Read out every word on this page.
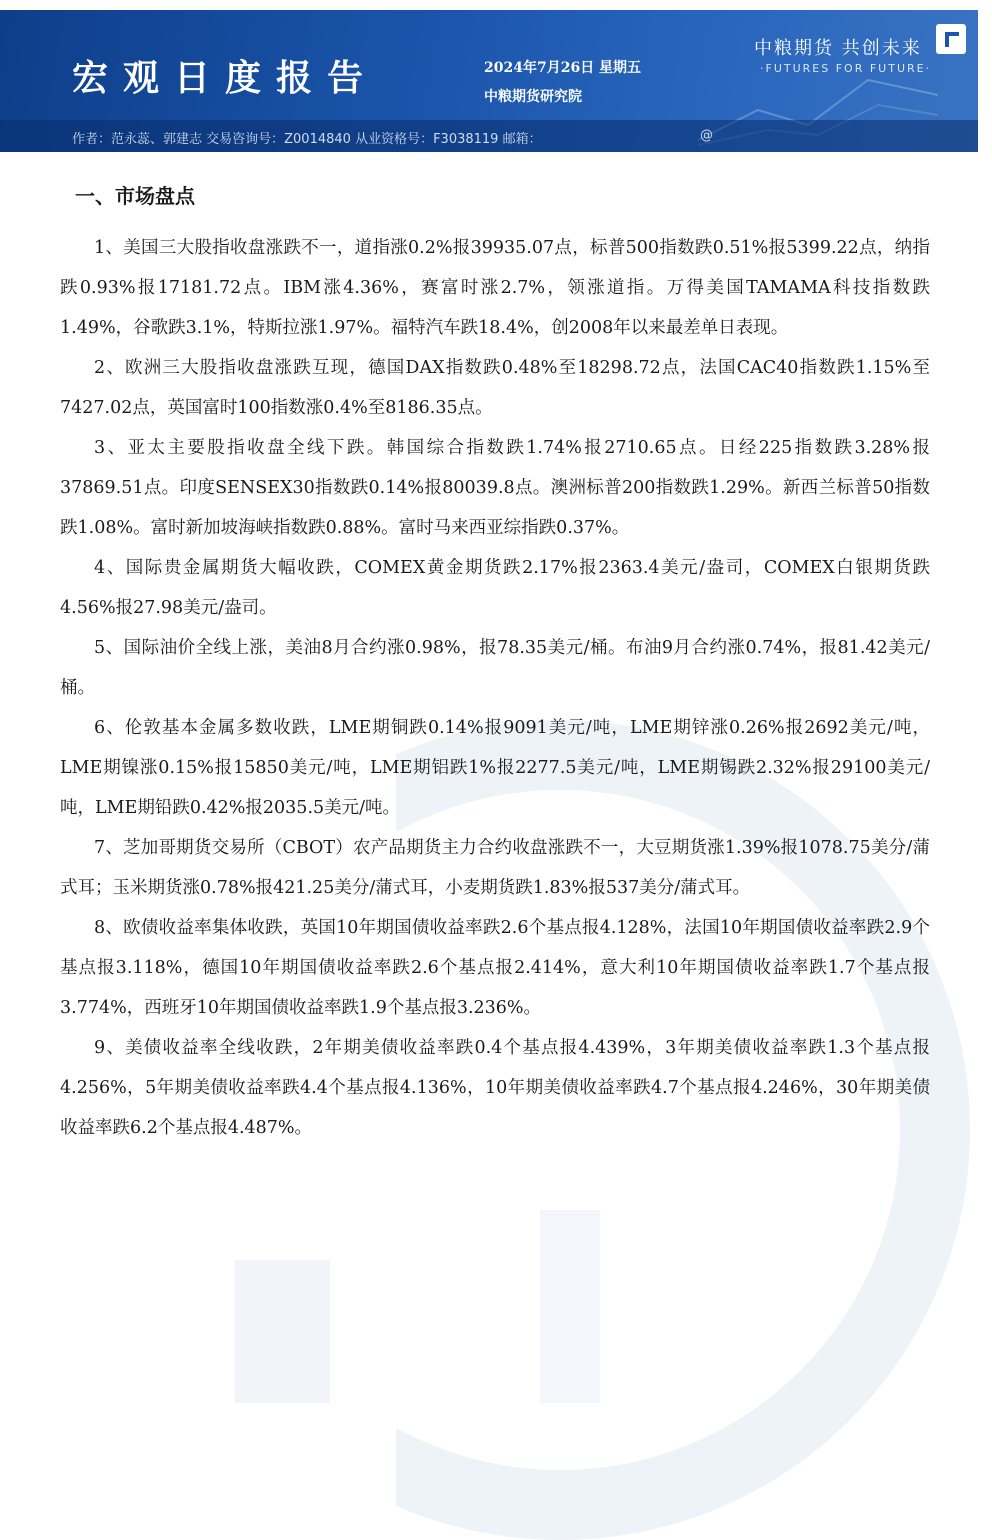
宏观日度报告	2024年7月26日 星期五
中粮期货研究院
中粮期货 共创未来
·FUTURES FOR FUTURE·
作者：范永蕊、郭建志 交易咨询号：Z0014840 从业资格号：F3038119 邮箱：	@
一、市场盘点

1、美国三大股指收盘涨跌不一，道指涨0.2%报39935.07点，标普500指数跌0.51%报5399.22点，纳指跌0.93%报17181.72点。IBM涨4.36%，赛富时涨2.7%，领涨道指。万得美国TAMAMA科技指数跌1.49%，谷歌跌3.1%，特斯拉涨1.97%。福特汽车跌18.4%，创2008年以来最差单日表现。

2、欧洲三大股指收盘涨跌互现，德国DAX指数跌0.48%至18298.72点，法国CAC40指数跌1.15%至7427.02点，英国富时100指数涨0.4%至8186.35点。

3、亚太主要股指收盘全线下跌。韩国综合指数跌1.74%报2710.65点。日经225指数跌3.28%报37869.51点。印度SENSEX30指数跌0.14%报80039.8点。澳洲标普200指数跌1.29%。新西兰标普50指数跌1.08%。富时新加坡海峡指数跌0.88%。富时马来西亚综指跌0.37%。

4、国际贵金属期货大幅收跌，COMEX黄金期货跌2.17%报2363.4美元/盎司，COMEX白银期货跌4.56%报27.98美元/盎司。

5、国际油价全线上涨，美油8月合约涨0.98%，报78.35美元/桶。布油9月合约涨0.74%，报81.42美元/桶。

6、伦敦基本金属多数收跌，LME期铜跌0.14%报9091美元/吨，LME期锌涨0.26%报2692美元/吨，LME期镍涨0.15%报15850美元/吨，LME期铝跌1%报2277.5美元/吨，LME期锡跌2.32%报29100美元/吨，LME期铅跌0.42%报2035.5美元/吨。

7、芝加哥期货交易所（CBOT）农产品期货主力合约收盘涨跌不一，大豆期货涨1.39%报1078.75美分/蒲式耳；玉米期货涨0.78%报421.25美分/蒲式耳，小麦期货跌1.83%报537美分/蒲式耳。

8、欧债收益率集体收跌，英国10年期国债收益率跌2.6个基点报4.128%，法国10年期国债收益率跌2.9个基点报3.118%，德国10年期国债收益率跌2.6个基点报2.414%，意大利10年期国债收益率跌1.7个基点报3.774%，西班牙10年期国债收益率跌1.9个基点报3.236%。

9、美债收益率全线收跌，2年期美债收益率跌0.4个基点报4.439%，3年期美债收益率跌1.3个基点报4.256%，5年期美债收益率跌4.4个基点报4.136%，10年期美债收益率跌4.7个基点报4.246%，30年期美债收益率跌6.2个基点报4.487%。
